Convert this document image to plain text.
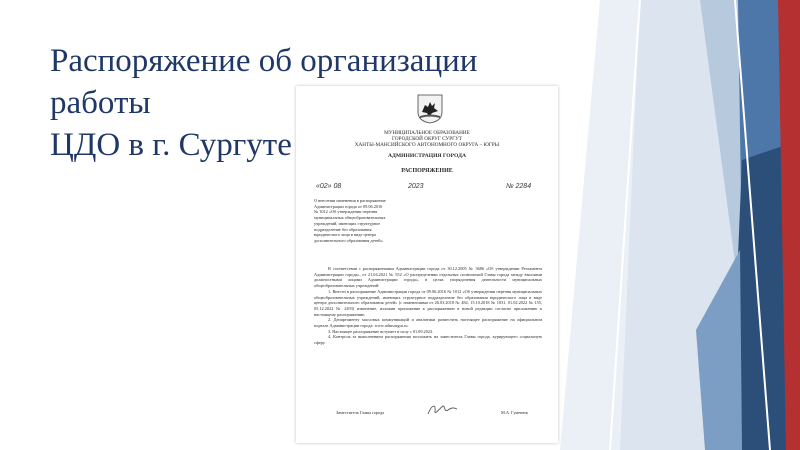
Распоряжение об организации работы
ЦДО в г. Сургуте	МУНИЦИПАЛЬНОЕ ОБРАЗОВАНИЕ
ГОРОДСКОЙ ОКРУГ СУРГУТ
ХАНТЫ-МАНСИЙСКОГО АВТОНОМНОГО ОКРУГА – ЮГРЫ
АДМИНИСТРАЦИЯ ГОРОДА
РАСПОРЯЖЕНИЕ
«02» 08	2023	№ 2284
О внесении изменения в распоряжение
Администрации города от 09.06.2016
№ 1012 «Об утверждении перечня
муниципальных общеобразовательных
учреждений, имеющих структурное
подразделение без образования
юридического лица в виде центра
дополнительного образования детей»
В соответствии с распоряжениями Администрации города от 30.12.2005 № 3686 «Об утверждении Регламента Администрации города», от 21.04.2021 № 552 «О распределении отдельных полномочий Главы города между высшими должностными лицами Администрации города», в целях упорядочения деятельности муниципальных общеобразовательных учреждений:
1. Внести в распоряжение Администрации города от 09.06.2016 № 1012 «Об утверждении перечня муниципальных общеобразовательных учреждений, имеющих структурное подразделение без образования юридического лица в виде центра дополнительного образования детей» (с изменениями от 26.03.2018 № 484, 15.10.2018 № 1831, 01.02.2022 № 155, 05.12.2022 № 2493) изменение, изложив приложение к распоряжению в новой редакции согласно приложению к настоящему распоряжению.
2. Департаменту массовых коммуникаций и аналитики разместить настоящее распоряжение на официальном портале Администрации города: www.admsurgut.ru.
3. Настоящее распоряжение вступает в силу с 01.09.2023.
4. Контроль за выполнением распоряжения возложить на заместителя Главы города, курирующего социальную сферу.
Заместитель Главы города	М.А. Гуменюк
